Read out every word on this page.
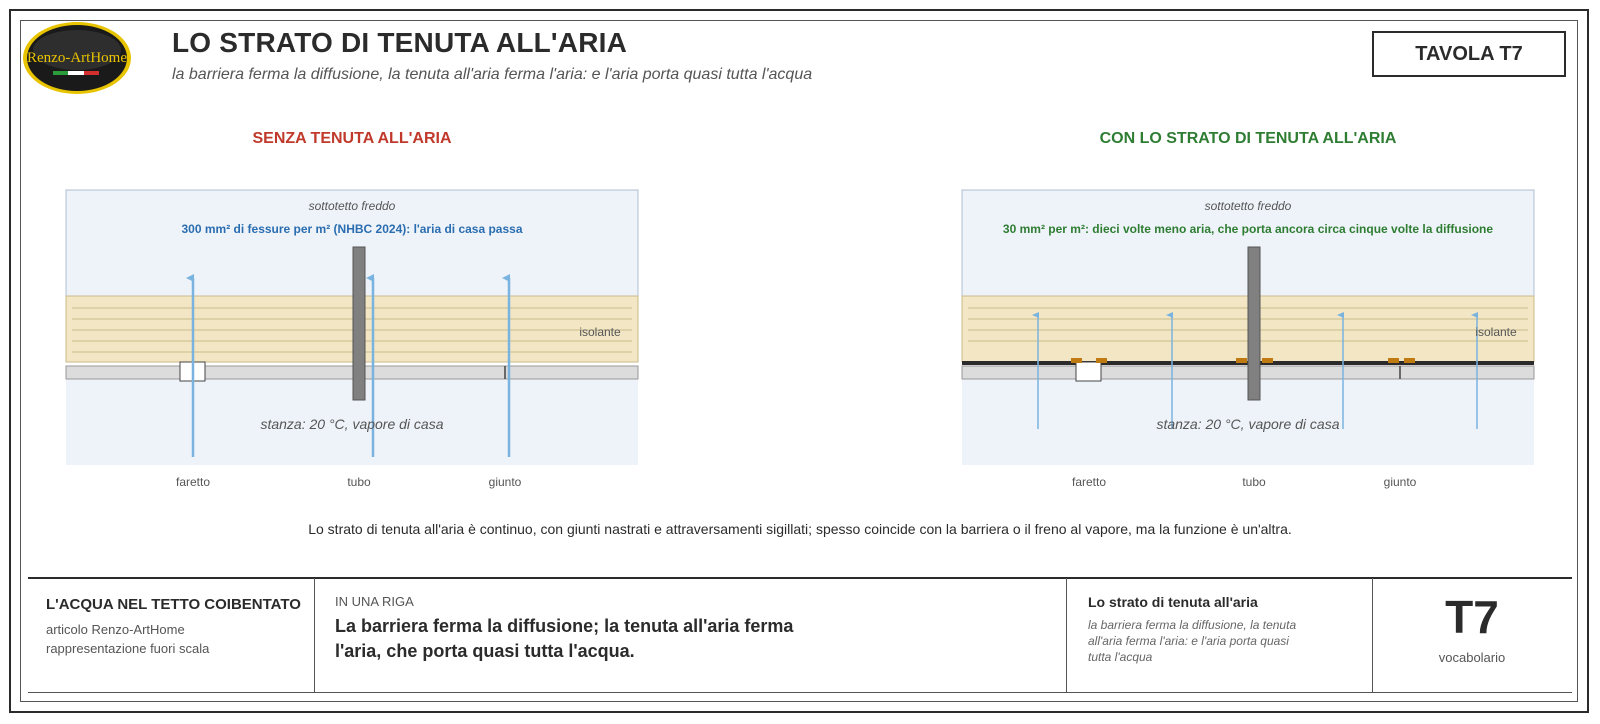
Renzo-ArtHome LO STRATO DI TENUTA ALL'ARIA
la barriera ferma la diffusione, la tenuta all'aria ferma l'aria: e l'aria porta quasi tutta l'acqua
TAVOLA T7
SENZA TENUTA ALL'ARIA
sottotetto freddo
300 mm² di fessure per m² (NHBC 2024): l'aria di casa passa
isolante
stanza: 20 °C, vapore di casa
faretto	tubo	giunto
CON LO STRATO DI TENUTA ALL'ARIA
sottotetto freddo
30 mm² per m²: dieci volte meno aria, che porta ancora circa cinque volte la diffusione
isolante
stanza: 20 °C, vapore di casa
faretto	tubo	giunto
Lo strato di tenuta all'aria è continuo, con giunti nastrati e attraversamenti sigillati; spesso coincide con la barriera o il freno al vapore, ma la funzione è un'altra.
L'ACQUA NEL TETTO COIBENTATO
articolo Renzo-ArtHome
rappresentazione fuori scala
IN UNA RIGA
La barriera ferma la diffusione; la tenuta all'aria ferma l'aria, che porta quasi tutta l'acqua.
Lo strato di tenuta all'aria
la barriera ferma la diffusione, la tenuta all'aria ferma l'aria: e l'aria porta quasi tutta l'acqua
T7
vocabolario
